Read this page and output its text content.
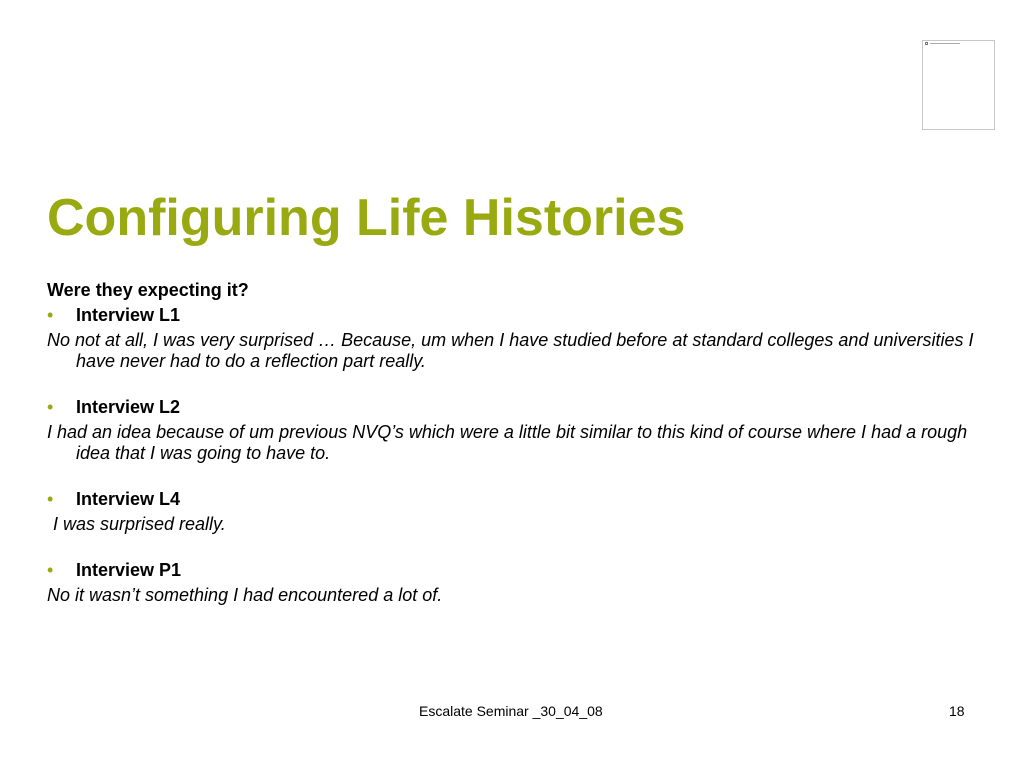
Configuring Life Histories

Were they expecting it?

• Interview L1

No not at all, I was very surprised … Because, um when I have studied before at standard colleges and universities I have never had to do a reflection part really.

• Interview L2

I had an idea because of um previous NVQ’s which were a little bit similar to this kind of course where I had a rough idea that I was going to have to.

• Interview L4

I was surprised really.

• Interview P1

No it wasn’t something I had encountered a lot of.

Escalate Seminar _30_04_08	18
